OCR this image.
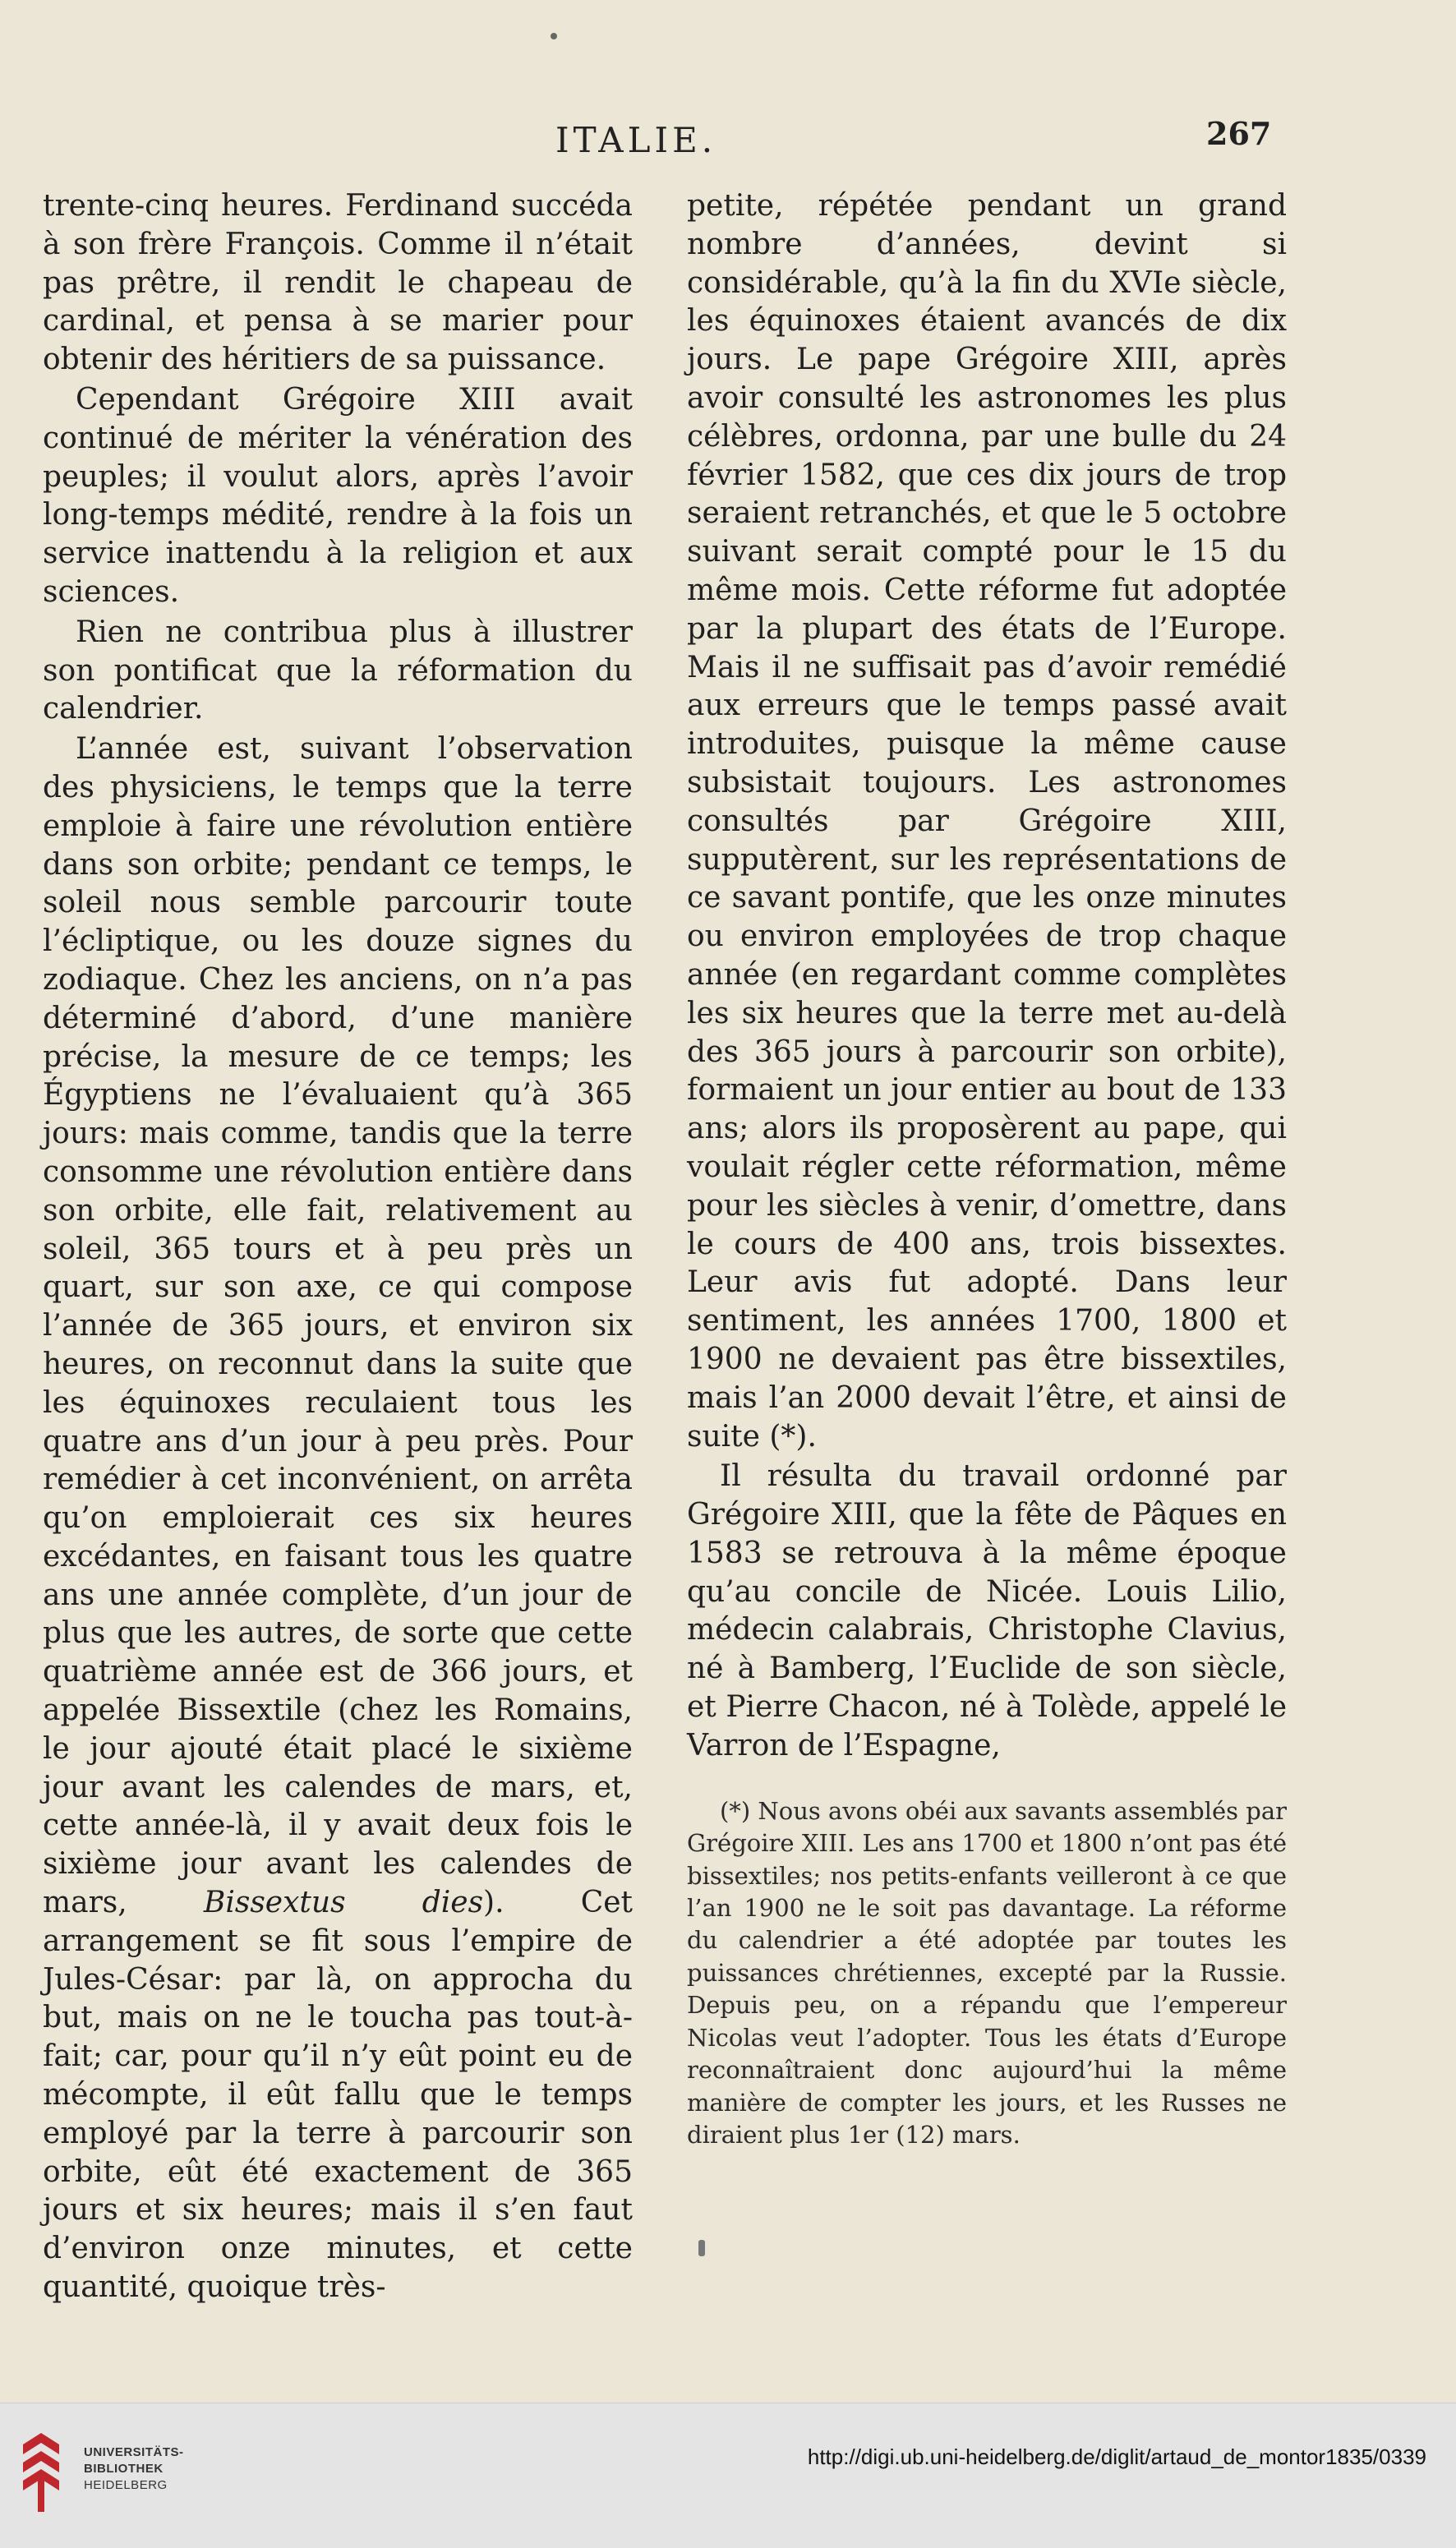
ITALIE.	267

trente-cinq heures. Ferdinand succéda à son frère François. Comme il n’était pas prêtre, il rendit le chapeau de cardinal, et pensa à se marier pour obtenir des héritiers de sa puissance.

Cependant Grégoire XIII avait continué de mériter la vénération des peuples; il voulut alors, après l’avoir long-temps médité, rendre à la fois un service inattendu à la religion et aux sciences.

Rien ne contribua plus à illustrer son pontificat que la réformation du calendrier.

L’année est, suivant l’observation des physiciens, le temps que la terre emploie à faire une révolution entière dans son orbite; pendant ce temps, le soleil nous semble parcourir toute l’écliptique, ou les douze signes du zodiaque. Chez les anciens, on n’a pas déterminé d’abord, d’une manière précise, la mesure de ce temps; les Égyptiens ne l’évaluaient qu’à 365 jours: mais comme, tandis que la terre consomme une révolution entière dans son orbite, elle fait, relativement au soleil, 365 tours et à peu près un quart, sur son axe, ce qui compose l’année de 365 jours, et environ six heures, on reconnut dans la suite que les équinoxes reculaient tous les quatre ans d’un jour à peu près. Pour remédier à cet inconvénient, on arrêta qu’on emploierait ces six heures excédantes, en faisant tous les quatre ans une année complète, d’un jour de plus que les autres, de sorte que cette quatrième année est de 366 jours, et appelée Bissextile (chez les Romains, le jour ajouté était placé le sixième jour avant les calendes de mars, et, cette année-là, il y avait deux fois le sixième jour avant les calendes de mars, Bissextus dies). Cet arrangement se fit sous l’empire de Jules-César: par là, on approcha du but, mais on ne le toucha pas tout-à-fait; car, pour qu’il n’y eût point eu de mécompte, il eût fallu que le temps employé par la terre à parcourir son orbite, eût été exactement de 365 jours et six heures; mais il s’en faut d’environ onze minutes, et cette quantité, quoique très-

petite, répétée pendant un grand nombre d’années, devint si considérable, qu’à la fin du XVIe siècle, les équinoxes étaient avancés de dix jours. Le pape Grégoire XIII, après avoir consulté les astronomes les plus célèbres, ordonna, par une bulle du 24 février 1582, que ces dix jours de trop seraient retranchés, et que le 5 octobre suivant serait compté pour le 15 du même mois. Cette réforme fut adoptée par la plupart des états de l’Europe. Mais il ne suffisait pas d’avoir remédié aux erreurs que le temps passé avait introduites, puisque la même cause subsistait toujours. Les astronomes consultés par Grégoire XIII, supputèrent, sur les représentations de ce savant pontife, que les onze minutes ou environ employées de trop chaque année (en regardant comme complètes les six heures que la terre met au-delà des 365 jours à parcourir son orbite), formaient un jour entier au bout de 133 ans; alors ils proposèrent au pape, qui voulait régler cette réformation, même pour les siècles à venir, d’omettre, dans le cours de 400 ans, trois bissextes. Leur avis fut adopté. Dans leur sentiment, les années 1700, 1800 et 1900 ne devaient pas être bissextiles, mais l’an 2000 devait l’être, et ainsi de suite (*).

Il résulta du travail ordonné par Grégoire XIII, que la fête de Pâques en 1583 se retrouva à la même époque qu’au concile de Nicée. Louis Lilio, médecin calabrais, Christophe Clavius, né à Bamberg, l’Euclide de son siècle, et Pierre Chacon, né à Tolède, appelé le Varron de l’Espagne,

(*) Nous avons obéi aux savants assemblés par Grégoire XIII. Les ans 1700 et 1800 n’ont pas été bissextiles; nos petits-enfants veilleront à ce que l’an 1900 ne le soit pas davantage. La réforme du calendrier a été adoptée par toutes les puissances chrétiennes, excepté par la Russie. Depuis peu, on a répandu que l’empereur Nicolas veut l’adopter. Tous les états d’Europe reconnaîtraient donc aujourd’hui la même manière de compter les jours, et les Russes ne diraient plus 1er (12) mars.
UNIVERSITÄTS-
BIBLIOTHEK
HEIDELBERG
http://digi.ub.uni-heidelberg.de/diglit/artaud_de_montor1835/0339
